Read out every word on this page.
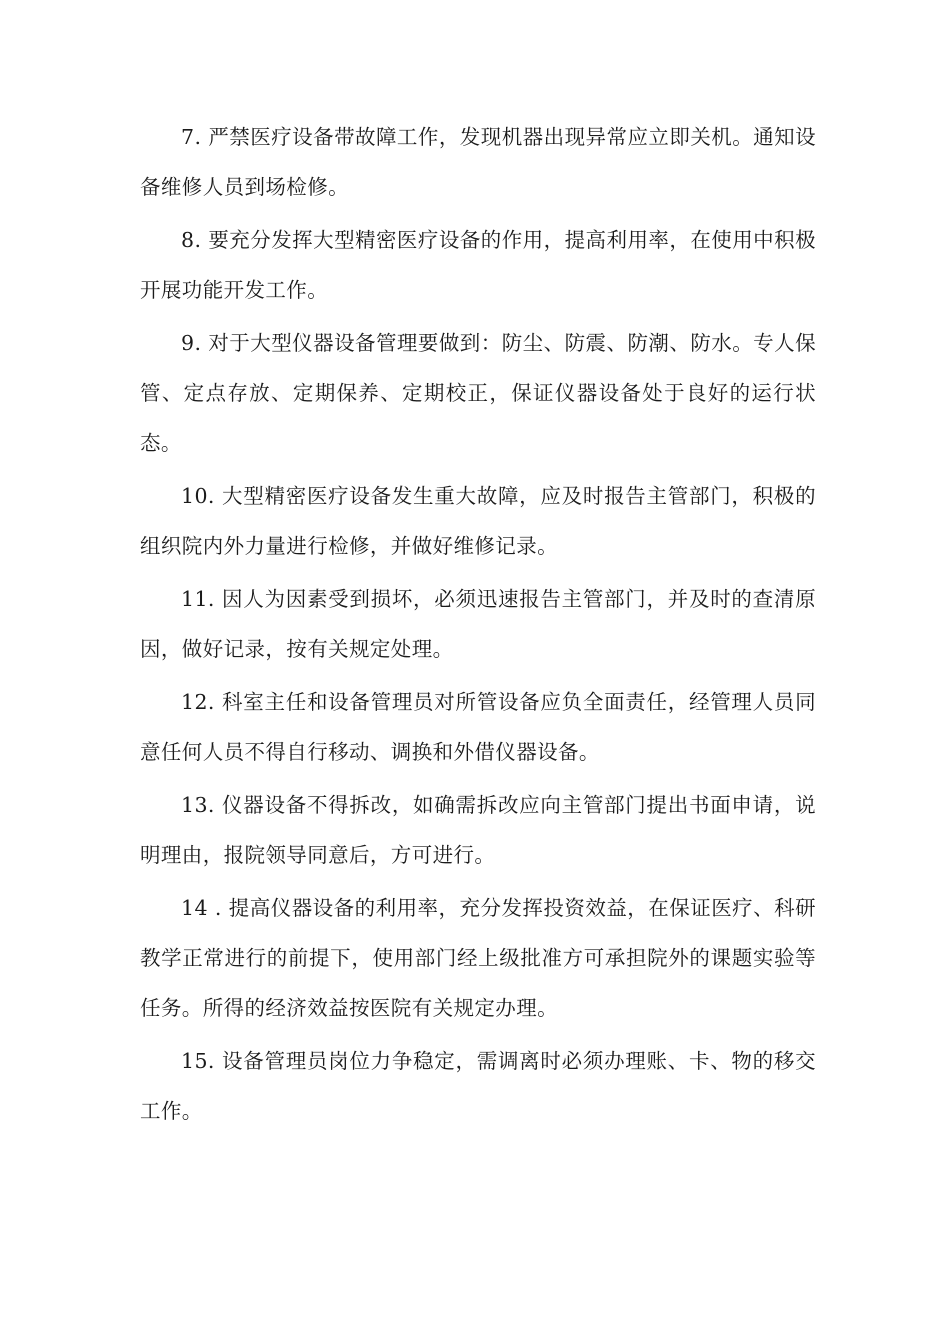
7. 严禁医疗设备带故障工作，发现机器出现异常应立即关机。通知设备维修人员到场检修。

8. 要充分发挥大型精密医疗设备的作用，提高利用率，在使用中积极开展功能开发工作。

9. 对于大型仪器设备管理要做到：防尘、防震、防潮、防水。专人保管、定点存放、定期保养、定期校正，保证仪器设备处于良好的运行状态。

10. 大型精密医疗设备发生重大故障，应及时报告主管部门，积极的组织院内外力量进行检修，并做好维修记录。

11. 因人为因素受到损坏，必须迅速报告主管部门，并及时的查清原因，做好记录，按有关规定处理。

12. 科室主任和设备管理员对所管设备应负全面责任，经管理人员同意任何人员不得自行移动、调换和外借仪器设备。

13. 仪器设备不得拆改，如确需拆改应向主管部门提出书面申请，说明理由，报院领导同意后，方可进行。

14 . 提高仪器设备的利用率，充分发挥投资效益，在保证医疗、科研教学正常进行的前提下，使用部门经上级批准方可承担院外的课题实验等任务。所得的经济效益按医院有关规定办理。

15. 设备管理员岗位力争稳定，需调离时必须办理账、卡、物的移交工作。
